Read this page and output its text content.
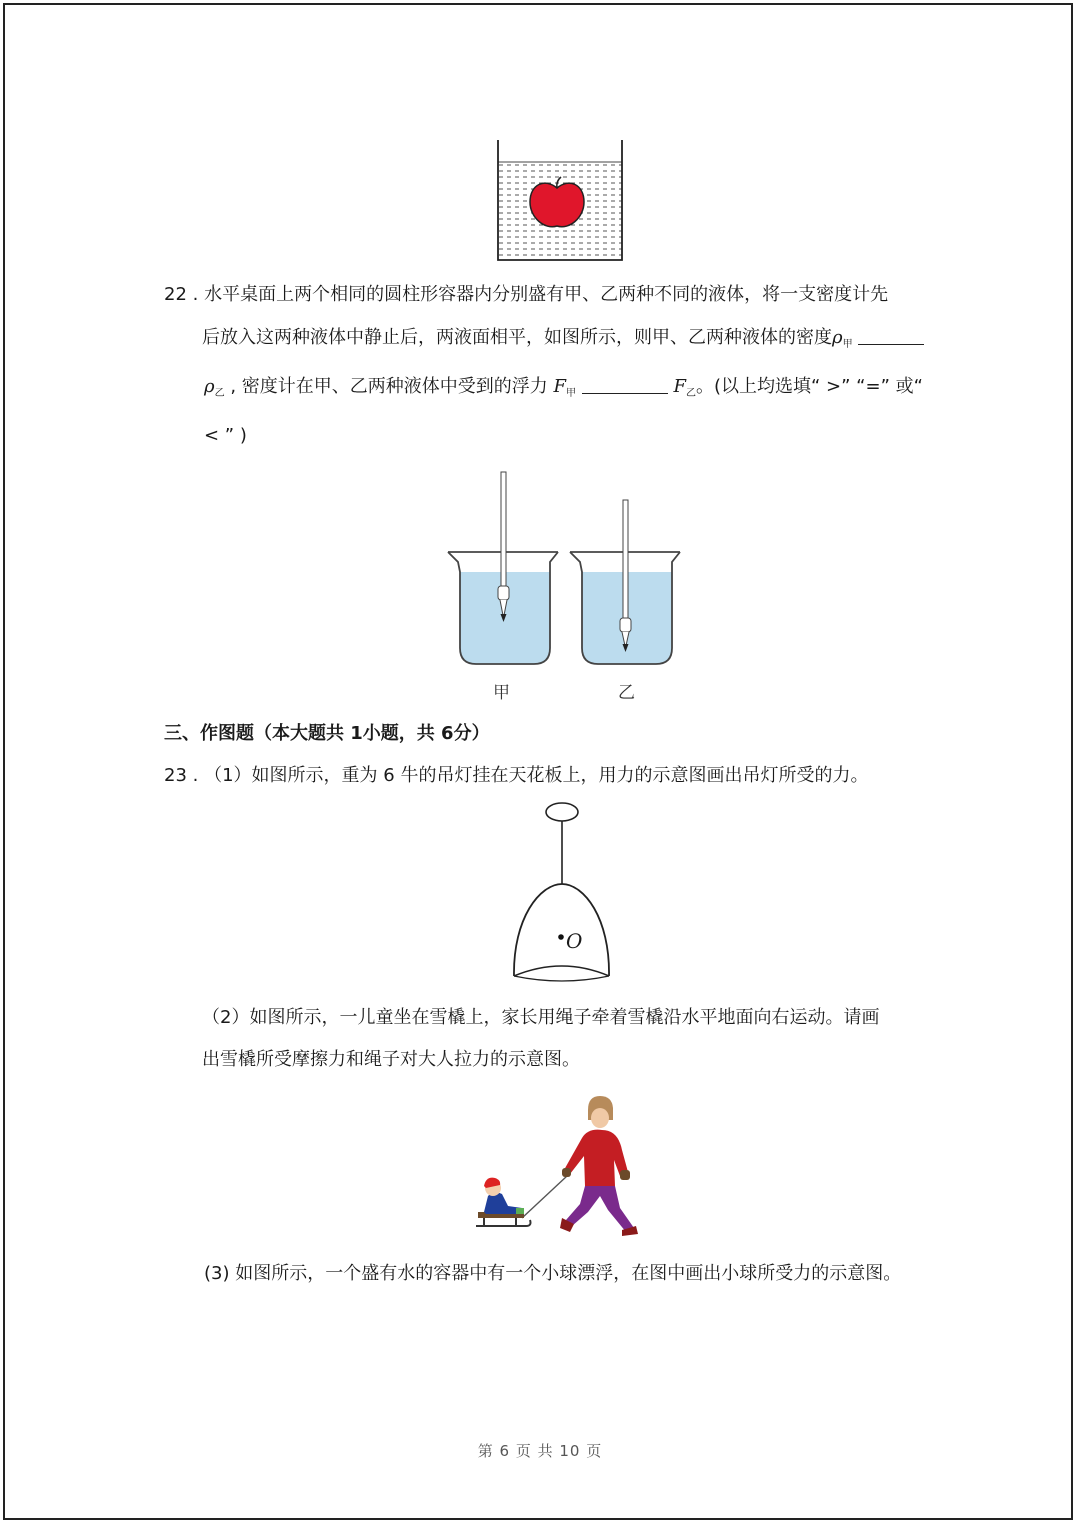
22 . 水平桌面上两个相同的圆柱形容器内分别盛有甲、乙两种不同的液体，将一支密度计先
后放入这两种液体中静止后，两液面相平，如图所示，则甲、乙两种液体的密度$\rho_甲$
$\rho_乙$ , 密度计在甲、乙两种液体中受到的浮力 $F_甲$	$F_乙$。(以上均选填“ >” “=” 或“
< ” )
甲	乙
三、作图题（本大题共 1小题，共 6分）
23 . （1）如图所示，重为 6 牛的吊灯挂在天花板上，用力的示意图画出吊灯所受的力。
O
（2）如图所示，一儿童坐在雪橇上，家长用绳子牵着雪橇沿水平地面向右运动。请画
出雪橇所受摩擦力和绳子对大人拉力的示意图。
(3) 如图所示，一个盛有水的容器中有一个小球漂浮，在图中画出小球所受力的示意图。
第 6 页 共 10 页
